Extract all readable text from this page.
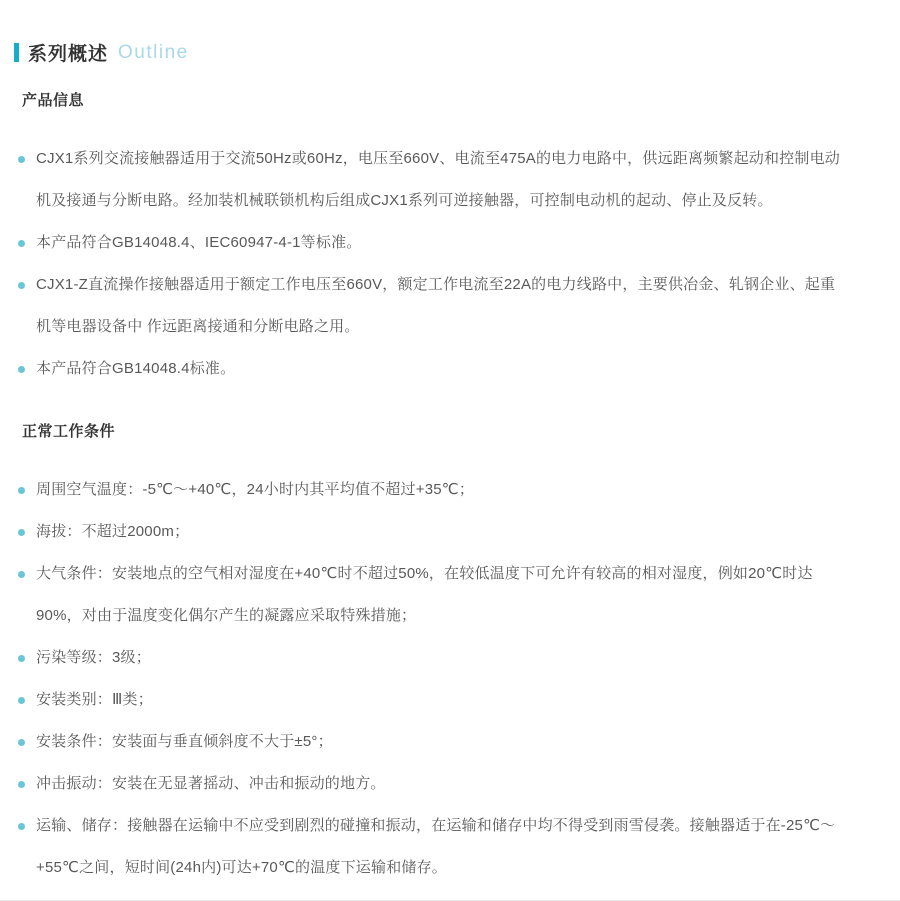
系列概述 Outline
产品信息
CJX1系列交流接触器适用于交流50Hz或60Hz，电压至660V、电流至475A的电力电路中，供远距离频繁起动和控制电动机及接通与分断电路。经加装机械联锁机构后组成CJX1系列可逆接触器，可控制电动机的起动、停止及反转。
本产品符合GB14048.4、IEC60947-4-1等标准。
CJX1-Z直流操作接触器适用于额定工作电压至660V，额定工作电流至22A的电力线路中，主要供冶金、轧钢企业、起重机等电器设备中 作远距离接通和分断电路之用。
本产品符合GB14048.4标准。
正常工作条件
周围空气温度：-5℃～+40℃，24小时内其平均值不超过+35℃；
海拔：不超过2000m；
大气条件：安装地点的空气相对湿度在+40℃时不超过50%，在较低温度下可允许有较高的相对湿度，例如20℃时达90%，对由于温度变化偶尔产生的凝露应采取特殊措施；
污染等级：3级；
安装类别：Ⅲ类；
安装条件：安装面与垂直倾斜度不大于±5°；
冲击振动：安装在无显著摇动、冲击和振动的地方。
运输、储存：接触器在运输中不应受到剧烈的碰撞和振动，在运输和储存中均不得受到雨雪侵袭。接触器适于在-25℃～+55℃之间，短时间(24h内)可达+70℃的温度下运输和储存。
